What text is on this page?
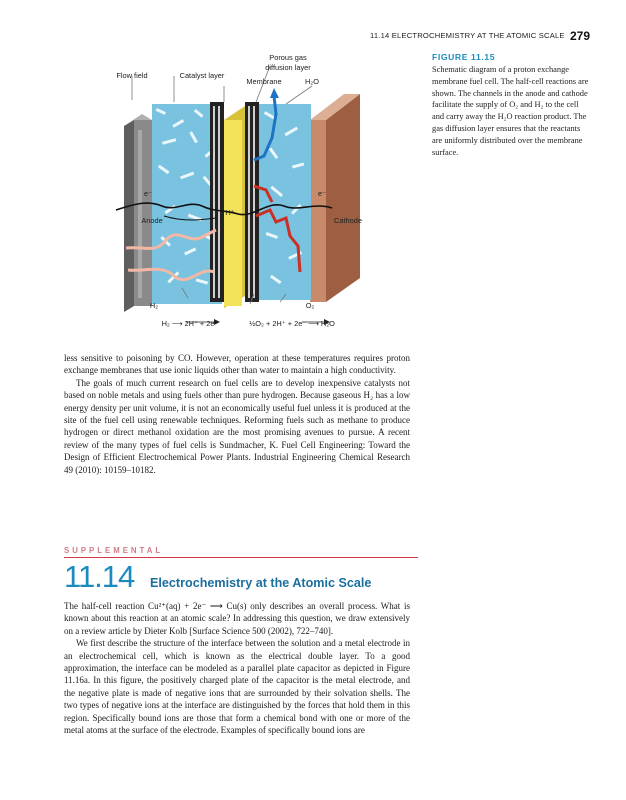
11.14 ELECTROCHEMISTRY AT THE ATOMIC SCALE 279
Flow field	Catalyst layer
Porous gas
diffusion layer
Membrane	H₂O
e⁻	e⁻
H⁺
Anode	Cathode
H₂	O₂
H₂ ⟶ 2H⁺ + 2e⁻	½O₂ + 2H⁺ + 2e⁻ ⟶ H₂O
FIGURE 11.15
Schematic diagram of a proton exchange membrane fuel cell. The half-cell reactions are shown. The channels in the anode and cathode facilitate the supply of O₂ and H₂ to the cell and carry away the H₂O reaction product. The gas diffusion layer ensures that the reactants are uniformly distributed over the membrane surface.

less sensitive to poisoning by CO. However, operation at these temperatures requires proton exchange membranes that use ionic liquids other than water to maintain a high conductivity.

The goals of much current research on fuel cells are to develop inexpensive catalysts not based on noble metals and using fuels other than pure hydrogen. Because gaseous H₂ has a low energy density per unit volume, it is not an economically useful fuel unless it is produced at the site of the fuel cell using renewable techniques. Reforming fuels such as methane to produce hydrogen or direct methanol oxidation are the most promising avenues to pursue. A recent review of the many types of fuel cells is Sundmacher, K. Fuel Cell Engineering: Toward the Design of Efficient Electrochemical Power Plants. Industrial Engineering Chemical Research 49 (2010): 10159–10182.

SUPPLEMENTAL
11.14 Electrochemistry at the Atomic Scale

The half-cell reaction Cu²⁺(aq) + 2e⁻ ⟶ Cu(s) only describes an overall process. What is known about this reaction at an atomic scale? In addressing this question, we draw extensively on a review article by Dieter Kolb [Surface Science 500 (2002), 722–740].

We first describe the structure of the interface between the solution and a metal electrode in an electrochemical cell, which is known as the electrical double layer. To a good approximation, the interface can be modeled as a parallel plate capacitor as depicted in Figure 11.16a. In this figure, the positively charged plate of the capacitor is the metal electrode, and the negative plate is made of negative ions that are surrounded by their solvation shells. The two types of negative ions at the interface are distinguished by the forces that hold them in this region. Specifically bound ions are those that form a chemical bond with one or more of the metal atoms at the surface of the electrode. Examples of specifically bound ions are
